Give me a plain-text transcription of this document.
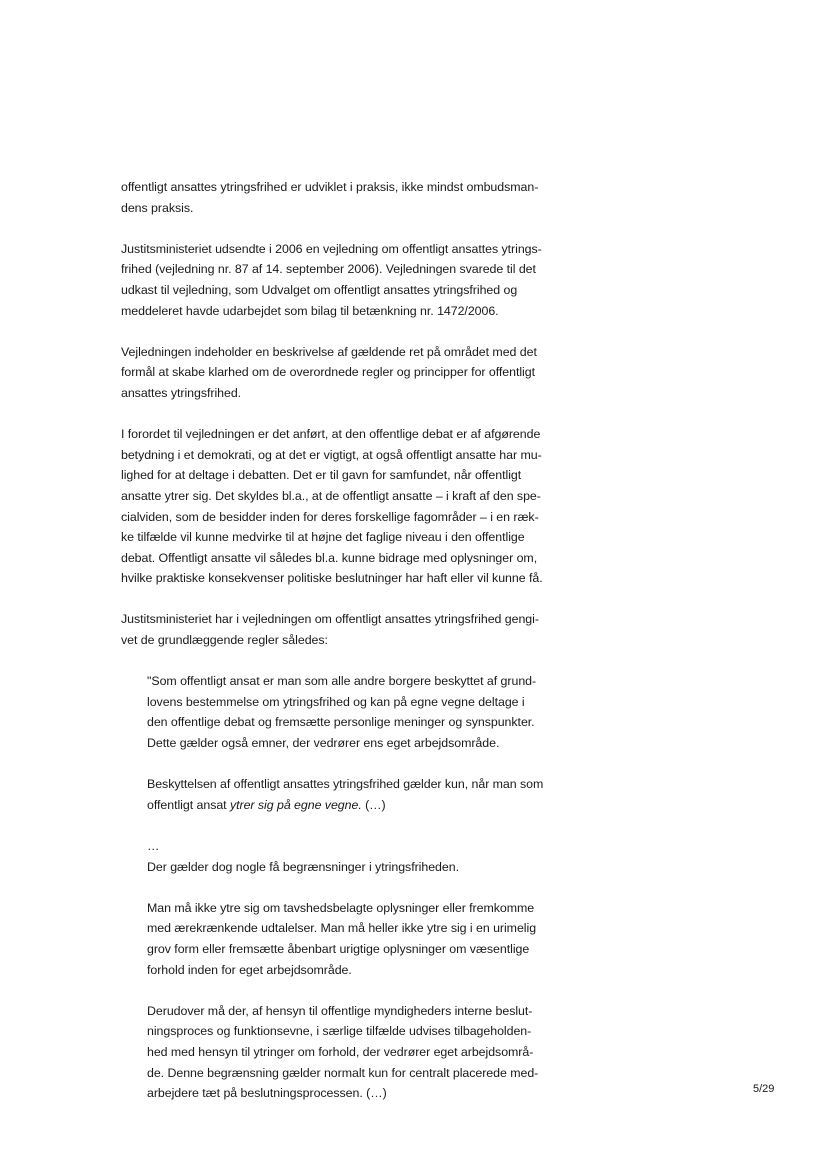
offentligt ansattes ytringsfrihed er udviklet i praksis, ikke mindst ombudsman-
dens praksis.

Justitsministeriet udsendte i 2006 en vejledning om offentligt ansattes ytrings-
frihed (vejledning nr. 87 af 14. september 2006). Vejledningen svarede til det
udkast til vejledning, som Udvalget om offentligt ansattes ytringsfrihed og
meddeleret havde udarbejdet som bilag til betænkning nr. 1472/2006.

Vejledningen indeholder en beskrivelse af gældende ret på området med det
formål at skabe klarhed om de overordnede regler og principper for offentligt
ansattes ytringsfrihed.

I forordet til vejledningen er det anført, at den offentlige debat er af afgørende
betydning i et demokrati, og at det er vigtigt, at også offentligt ansatte har mu-
lighed for at deltage i debatten. Det er til gavn for samfundet, når offentligt
ansatte ytrer sig. Det skyldes bl.a., at de offentligt ansatte – i kraft af den spe-
cialviden, som de besidder inden for deres forskellige fagområder – i en ræk-
ke tilfælde vil kunne medvirke til at højne det faglige niveau i den offentlige
debat. Offentligt ansatte vil således bl.a. kunne bidrage med oplysninger om,
hvilke praktiske konsekvenser politiske beslutninger har haft eller vil kunne få.

Justitsministeriet har i vejledningen om offentligt ansattes ytringsfrihed gengi-
vet de grundlæggende regler således:

"Som offentligt ansat er man som alle andre borgere beskyttet af grund-
lovens bestemmelse om ytringsfrihed og kan på egne vegne deltage i
den offentlige debat og fremsætte personlige meninger og synspunkter.
Dette gælder også emner, der vedrører ens eget arbejdsområde.

Beskyttelsen af offentligt ansattes ytringsfrihed gælder kun, når man som
offentligt ansat ytrer sig på egne vegne. (…)

…
Der gælder dog nogle få begrænsninger i ytringsfriheden.

Man må ikke ytre sig om tavshedsbelagte oplysninger eller fremkomme
med ærekrænkende udtalelser. Man må heller ikke ytre sig i en urimelig
grov form eller fremsætte åbenbart urigtige oplysninger om væsentlige
forhold inden for eget arbejdsområde.

Derudover må der, af hensyn til offentlige myndigheders interne beslut-
ningsproces og funktionsevne, i særlige tilfælde udvises tilbageholden-
hed med hensyn til ytringer om forhold, der vedrører eget arbejdsområ-
de. Denne begrænsning gælder normalt kun for centralt placerede med-
arbejdere tæt på beslutningsprocessen. (…)	5/29
